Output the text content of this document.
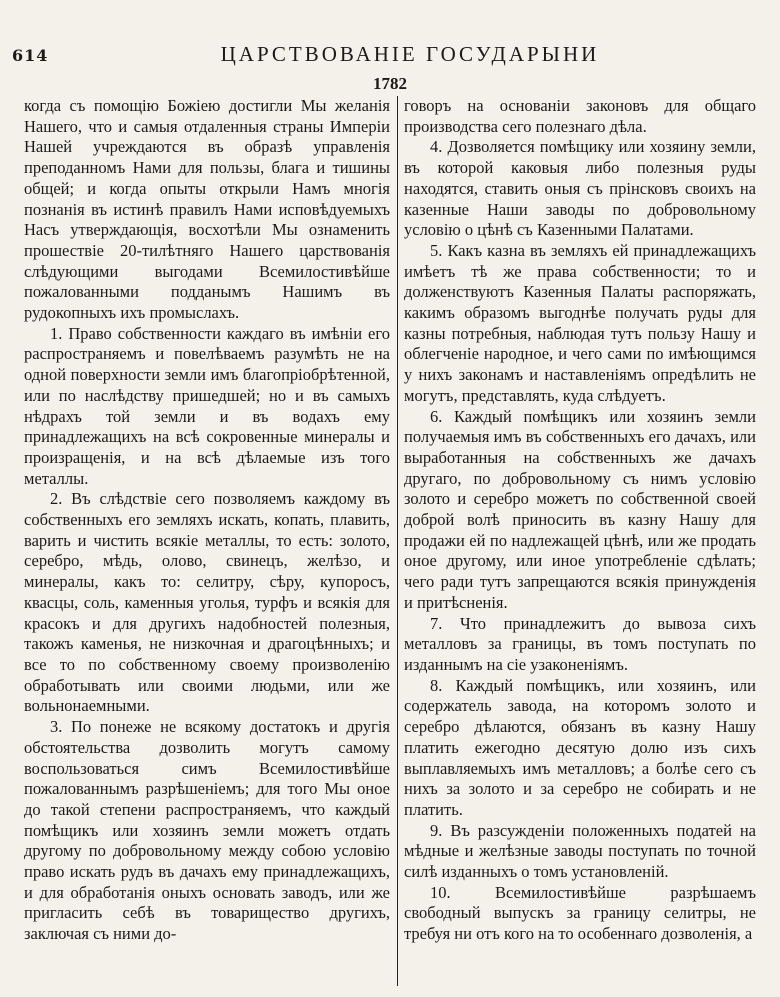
614	ЦАРСТВОВАНІЕ ГОСУДАРЫНИ
1782

когда съ помощію Божіею достигли Мы желанія Нашего, что и самыя отдаленныя страны Имперіи Нашей учреждаются въ образѣ управленія преподанномъ Нами для пользы, блага и тишины общей; и когда опыты открыли Намъ многія познанія въ истинѣ правилъ Нами исповѣдуемыхъ Насъ утверждающія, восхотѣли Мы ознаменить прошествіе 20-тилѣтняго Нашего царствованія слѣдующими выгодами Всемилостивѣйше пожалованными подданымъ Нашимъ въ рудокопныхъ ихъ промыслахъ.

1. Право собственности каждаго въ имѣніи его распространяемъ и повелѣваемъ разумѣть не на одной поверхности земли имъ благопріобрѣтенной, или по наслѣдству пришедшей; но и въ самыхъ нѣдрахъ той земли и въ водахъ ему принадлежащихъ на всѣ сокровенные минералы и произращенія, и на всѣ дѣлаемые изъ того металлы.

2. Въ слѣдствіе сего позволяемъ каждому въ собственныхъ его земляхъ искать, копать, плавить, варить и чистить всякіе металлы, то есть: золото, серебро, мѣдь, олово, свинецъ, желѣзо, и минералы, какъ то: селитру, сѣру, купоросъ, квасцы, соль, каменныя уголья, турфъ и всякія для красокъ и для другихъ надобностей полезныя, такожъ каменья, не низкочная и драгоцѣнныхъ; и все то по собственному своему произволенію обработывать или своими людьми, или же вольнонаемными.

3. По понеже не всякому достатокъ и другія обстоятельства дозволить могутъ самому воспользоваться симъ Всемилостивѣйше пожалованнымъ разрѣшеніемъ; для того Мы оное до такой степени распространяемъ, что каждый помѣщикъ или хозяинъ земли можетъ отдать другому по добровольному между собою условію право искать рудъ въ дачахъ ему принадлежащихъ, и для обработанія оныхъ основать заводъ, или же пригласить себѣ въ товарищество другихъ, заключая съ ними до-

говоръ на основаніи законовъ для общаго производства сего полезнаго дѣла.

4. Дозволяется помѣщику или хозяину земли, въ которой каковыя либо полезныя руды находятся, ставить оныя съ прінсковъ своихъ на казенные Наши заводы по добровольному условію о цѣнѣ съ Казенными Палатами.

5. Какъ казна въ земляхъ ей принадлежащихъ имѣетъ тѣ же права собственности; то и долженствуютъ Казенныя Палаты распоряжать, какимъ образомъ выгоднѣе получать руды для казны потребныя, наблюдая тутъ пользу Нашу и облегченіе народное, и чего сами по имѣющимся у нихъ законамъ и наставленіямъ опредѣлить не могутъ, представлять, куда слѣдуетъ.

6. Каждый помѣщикъ или хозяинъ земли получаемыя имъ въ собственныхъ его дачахъ, или выработанныя на собственныхъ же дачахъ другаго, по добровольному съ нимъ условію золото и серебро можетъ по собственной своей доброй волѣ приносить въ казну Нашу для продажи ей по надлежащей цѣнѣ, или же продать оное другому, или иное употребленіе сдѣлать; чего ради тутъ запрещаются всякія принужденія и притѣсненія.

7. Что принадлежитъ до вывоза сихъ металловъ за границы, въ томъ поступать по изданнымъ на сіе узаконеніямъ.

8. Каждый помѣщикъ, или хозяинъ, или содержатель завода, на которомъ золото и серебро дѣлаются, обязанъ въ казну Нашу платить ежегодно десятую долю изъ сихъ выплавляемыхъ имъ металловъ; а болѣе сего съ нихъ за золото и за серебро не собирать и не платить.

9. Въ разсужденіи положенныхъ податей на мѣдные и желѣзные заводы поступать по точной силѣ изданныхъ о томъ установленій.

10. Всемилостивѣйше разрѣшаемъ свободный выпускъ за границу селитры, не требуя ни отъ кого на то особеннаго дозволенія, а
